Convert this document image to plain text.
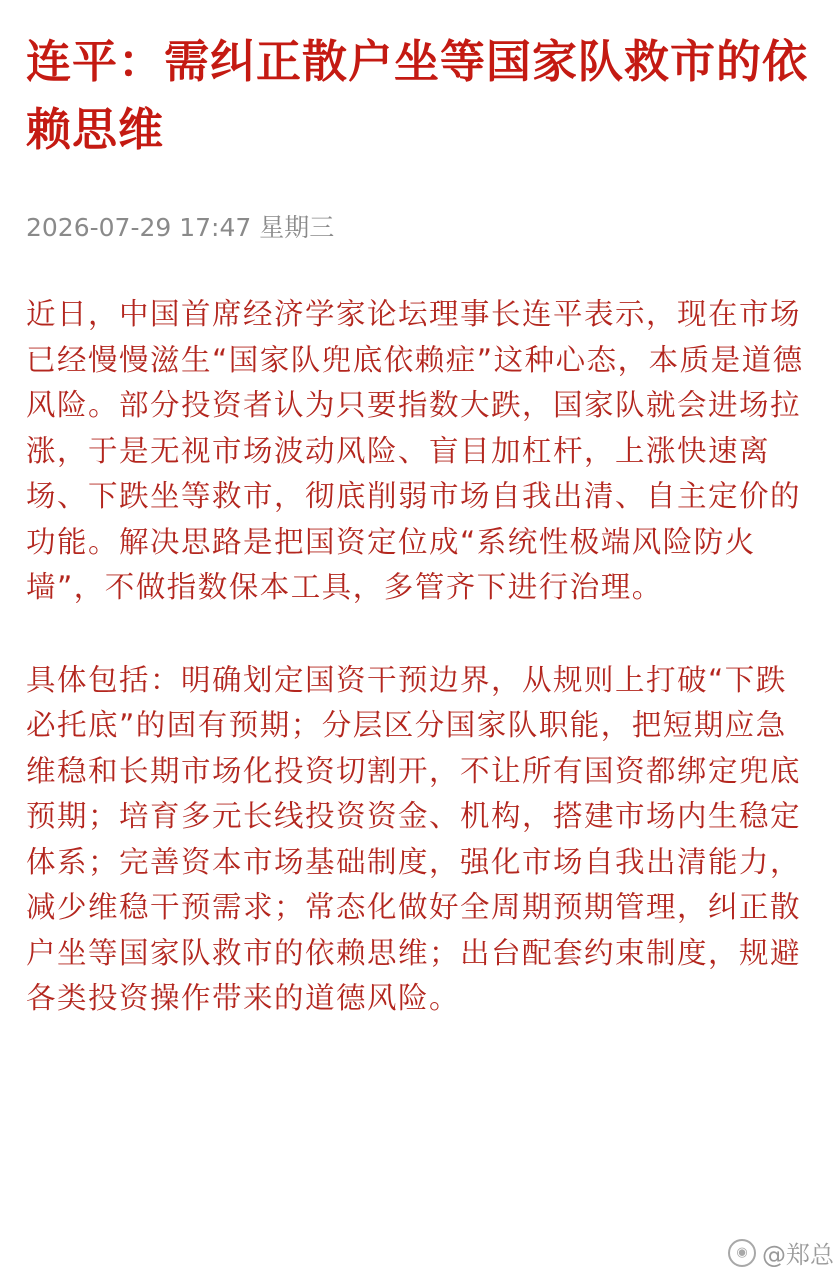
连平：需纠正散户坐等国家队救市的依赖思维
2026-07-29 17:47 星期三

近日，中国首席经济学家论坛理事长连平表示，现在市场已经慢慢滋生“国家队兜底依赖症”这种心态，本质是道德风险。部分投资者认为只要指数大跌，国家队就会进场拉涨，于是无视市场波动风险、盲目加杠杆，上涨快速离场、下跌坐等救市，彻底削弱市场自我出清、自主定价的功能。解决思路是把国资定位成“系统性极端风险防火墙”，不做指数保本工具，多管齐下进行治理。

具体包括：明确划定国资干预边界，从规则上打破“下跌必托底”的固有预期；分层区分国家队职能，把短期应急维稳和长期市场化投资切割开，不让所有国资都绑定兜底预期；培育多元长线投资资金、机构，搭建市场内生稳定体系；完善资本市场基础制度，强化市场自我出清能力，减少维稳干预需求；常态化做好全周期预期管理，纠正散户坐等国家队救市的依赖思维；出台配套约束制度，规避各类投资操作带来的道德风险。

◉ @郑总
